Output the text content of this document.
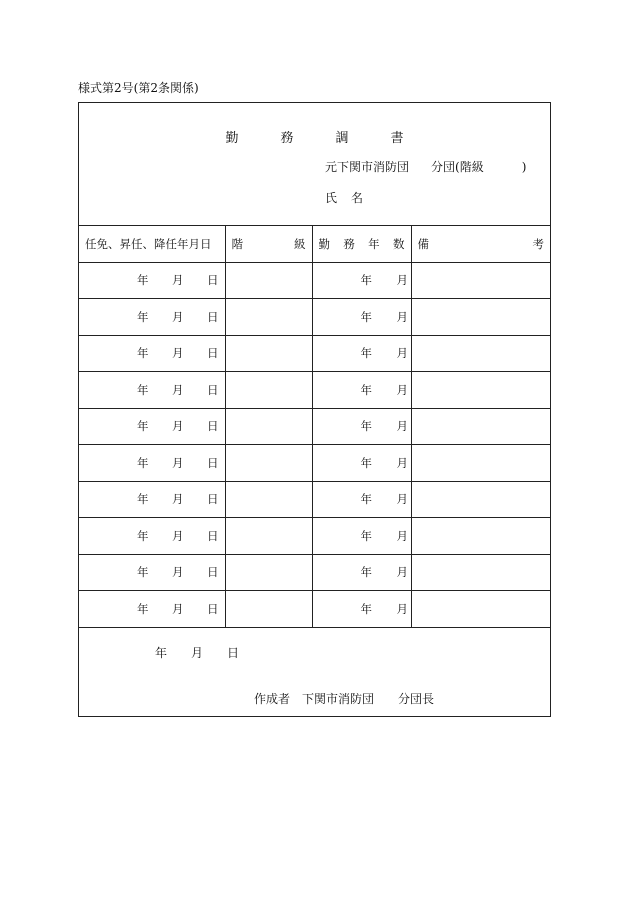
様式第2号(第2条関係)
勤	務	調	書
元下関市消防団 分団(階級	)
氏 名
任免、昇任、降任年月日	階 級	勤 務 年 数	備 考

年 月 日		年 月	

年 月 日		年 月	

年 月 日		年 月	

年 月 日		年 月	

年 月 日		年 月	

年 月 日		年 月	

年 月 日		年 月	

年 月 日		年 月	

年 月 日		年 月	

年 月 日		年 月	

年 月 日
作成者 下関市消防団 分団長
